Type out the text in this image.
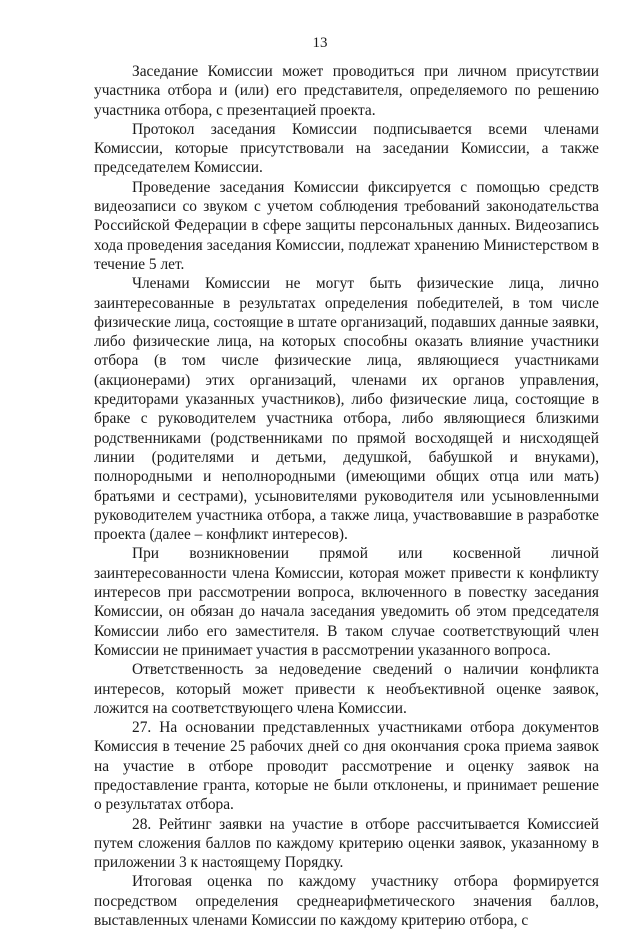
13

Заседание Комиссии может проводиться при личном присутствии участника отбора и (или) его представителя, определяемого по решению участника отбора, с презентацией проекта.

Протокол заседания Комиссии подписывается всеми членами Комиссии, которые присутствовали на заседании Комиссии, а также председателем Комиссии.

Проведение заседания Комиссии фиксируется с помощью средств видеозаписи со звуком с учетом соблюдения требований законодательства Российской Федерации в сфере защиты персональных данных. Видеозапись хода проведения заседания Комиссии, подлежат хранению Министерством в течение 5 лет.

Членами Комиссии не могут быть физические лица, лично заинтересованные в результатах определения победителей, в том числе физические лица, состоящие в штате организаций, подавших данные заявки, либо физические лица, на которых способны оказать влияние участники отбора (в том числе физические лица, являющиеся участниками (акционерами) этих организаций, членами их органов управления, кредиторами указанных участников), либо физические лица, состоящие в браке с руководителем участника отбора, либо являющиеся близкими родственниками (родственниками по прямой восходящей и нисходящей линии (родителями и детьми, дедушкой, бабушкой и внуками), полнородными и неполнородными (имеющими общих отца или мать) братьями и сестрами), усыновителями руководителя или усыновленными руководителем участника отбора, а также лица, участвовавшие в разработке проекта (далее – конфликт интересов).

При возникновении прямой или косвенной личной заинтересованности члена Комиссии, которая может привести к конфликту интересов при рассмотрении вопроса, включенного в повестку заседания Комиссии, он обязан до начала заседания уведомить об этом председателя Комиссии либо его заместителя. В таком случае соответствующий член Комиссии не принимает участия в рассмотрении указанного вопроса.

Ответственность за недоведение сведений о наличии конфликта интересов, который может привести к необъективной оценке заявок, ложится на соответствующего члена Комиссии.

27. На основании представленных участниками отбора документов Комиссия в течение 25 рабочих дней со дня окончания срока приема заявок на участие в отборе проводит рассмотрение и оценку заявок на предоставление гранта, которые не были отклонены, и принимает решение о результатах отбора.

28. Рейтинг заявки на участие в отборе рассчитывается Комиссией путем сложения баллов по каждому критерию оценки заявок, указанному в приложении 3 к настоящему Порядку.

Итоговая оценка по каждому участнику отбора формируется посредством определения среднеарифметического значения баллов, выставленных членами Комиссии по каждому критерию отбора, с
